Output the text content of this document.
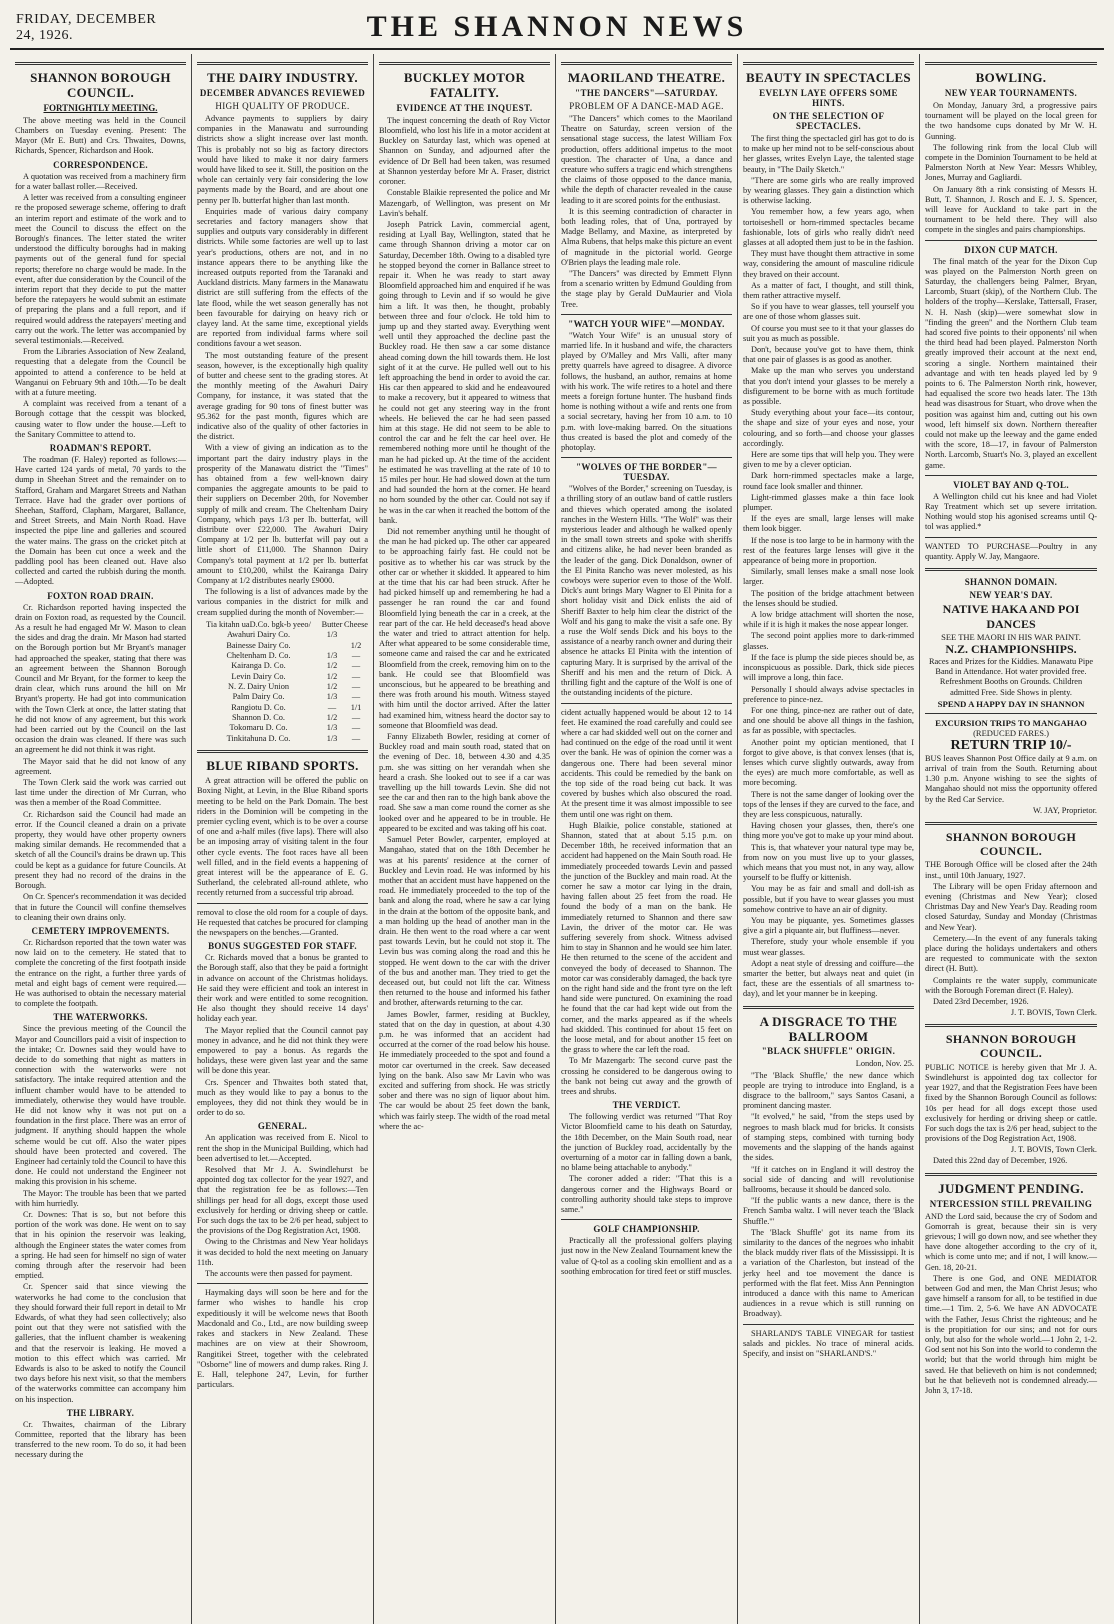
FRIDAY, DECEMBER 24, 1926.	THE SHANNON NEWS
SHANNON BOROUGH COUNCIL.
FORTNIGHTLY MEETING.

The above meeting was held in the Council Chambers on Tuesday evening. Present: The Mayor (Mr E. Butt) and Crs. Thwaites, Downs, Richards, Spencer, Richardson and Hook.

CORRESPONDENCE.

A quotation was received from a machinery firm for a water ballast roller.—Received.

A letter was received from a consulting engineer re the proposed sewerage scheme, offering to draft an interim report and estimate of the work and to meet the Council to discuss the effect on the Borough's finances. The letter stated the writer understood the difficulty boroughs had in making payments out of the general fund for special reports; therefore no charge would be made. In the event, after due consideration by the Council of the interim report that they decide to put the matter before the ratepayers he would submit an estimate of preparing the plans and a full report, and if required would address the ratepayers' meeting and carry out the work. The letter was accompanied by several testimonials.—Received.

From the Libraries Association of New Zealand, requesting that a delegate from the Council be appointed to attend a conference to be held at Wanganui on February 9th and 10th.—To be dealt with at a future meeting.

A complaint was received from a tenant of a Borough cottage that the cesspit was blocked, causing water to flow under the house.—Left to the Sanitary Committee to attend to.

ROADMAN'S REPORT.

The roadman (F. Haley) reported as follows:—Have carted 124 yards of metal, 70 yards to the dump in Sheehan Street and the remainder on to Stafford, Graham and Margaret Streets and Nathan Terrace. Have had the grader over portions of Sheehan, Stafford, Clapham, Margaret, Ballance, and Street Streets, and Main North Road. Have inspected the pipe line and galleries and scoured the water mains. The grass on the cricket pitch at the Domain has been cut once a week and the paddling pool has been cleaned out. Have also collected and carted the rubbish during the month.—Adopted.

FOXTON ROAD DRAIN.

Cr. Richardson reported having inspected the drain on Foxton road, as requested by the Council. As a result he had engaged Mr W. Mason to clean the sides and drag the drain. Mr Mason had started on the Borough portion but Mr Bryant's manager had approached the speaker, stating that there was an agreement between the Shannon Borough Council and Mr Bryant, for the former to keep the drain clear, which runs around the hill on Mr Bryant's property. He had got into communication with the Town Clerk at once, the latter stating that he did not know of any agreement, but this work had been carried out by the Council on the last occasion the drain was cleaned. If there was such an agreement he did not think it was right.

The Mayor said that he did not know of any agreement.

The Town Clerk said the work was carried out last time under the direction of Mr Curran, who was then a member of the Road Committee.

Cr. Richardson said the Council had made an error. If the Council cleaned a drain on a private property, they would have other property owners making similar demands. He recommended that a sketch of all the Council's drains be drawn up. This could be kept as a guidance for future Councils. At present they had no record of the drains in the Borough.

On Cr. Spencer's recommendation it was decided that in future the Council will confine themselves to cleaning their own drains only.

CEMETERY IMPROVEMENTS.

Cr. Richardson reported that the town water was now laid on to the cemetery. He stated that to complete the concreting of the first footpath inside the entrance on the right, a further three yards of metal and eight bags of cement were required.—He was authorised to obtain the necessary material to complete the footpath.

THE WATERWORKS.

Since the previous meeting of the Council the Mayor and Councillors paid a visit of inspection to the intake; Cr. Downes said they would have to decide to do something that night as matters in connection with the waterworks were not satisfactory. The intake required attention and the influent chamber would have to be attended to immediately, otherwise they would have trouble. He did not know why it was not put on a foundation in the first place. There was an error of judgment. If anything should happen the whole scheme would be cut off. Also the water pipes should have been protected and covered. The Engineer had certainly told the Council to have this done. He could not understand the Engineer not making this provision in his scheme.

The Mayor: The trouble has been that we parted with him hurriedly.

Cr. Downes: That is so, but not before this portion of the work was done. He went on to say that in his opinion the reservoir was leaking, although the Engineer states the water comes from a spring. He had seen for himself no sign of water coming through after the reservoir had been emptied.

Cr. Spencer said that since viewing the waterworks he had come to the conclusion that they should forward their full report in detail to Mr Edwards, of what they had seen collectively; also point out that they were not satisfied with the galleries, that the influent chamber is weakening and that the reservoir is leaking. He moved a motion to this effect which was carried. Mr Edwards is also to be asked to notify the Council two days before his next visit, so that the members of the waterworks committee can accompany him on his inspection.

THE LIBRARY.

Cr. Thwaites, chairman of the Library Committee, reported that the library has been transferred to the new room. To do so, it had been necessary during the

THE DAIRY INDUSTRY.
DECEMBER ADVANCES REVIEWED
HIGH QUALITY OF PRODUCE.

Advance payments to suppliers by dairy companies in the Manawatu and surrounding districts show a slight increase over last month. This is probably not so big as factory directors would have liked to make it nor dairy farmers would have liked to see it. Still, the position on the whole can certainly very fair considering the low payments made by the Board, and are about one penny per lb. butterfat higher than last month.

Enquiries made of various dairy company secretaries and factory managers show that supplies and outputs vary considerably in different districts. While some factories are well up to last year's productions, others are not, and in no instance appears there to be anything like the increased outputs reported from the Taranaki and Auckland districts. Many farmers in the Manawatu district are still suffering from the effects of the late flood, while the wet season generally has not been favourable for dairying on heavy rich or clayey land. At the same time, exceptional yields are reported from individual farms where soil conditions favour a wet season.

The most outstanding feature of the present season, however, is the exceptionally high quality of butter and cheese sent to the grading stores. At the monthly meeting of the Awahuri Dairy Company, for instance, it was stated that the average grading for 90 tons of finest butter was 95.362 for the past month, figures which are indicative also of the quality of other factories in the district.

With a view of giving an indication as to the important part the dairy industry plays in the prosperity of the Manawatu district the "Times" has obtained from a few well-known dairy companies the aggregate amounts to be paid to their suppliers on December 20th, for November supply of milk and cream. The Cheltenham Dairy Company, which pays 1/3 per lb. butterfat, will distribute over £22,000. The Awahuri Dairy Company at 1/2 per lb. butterfat will pay out a little short of £11,000. The Shannon Dairy Company's total payment at 1/2 per lb. butterfat amount to £10,200, whilst the Kairanga Dairy Company at 1/2 distributes nearly £9000.

The following is a list of advances made by the various companies in the district for milk and cream supplied during the month of November:—

Tia kitahn uaD.Co. bgk-b yeeo/	Butter Cheese
Awahuri Dairy Co.	1/3
Bainesse Dairy Co.	1/2
Cheltenham D. Co.	1/3	—
Kairanga D. Co.	1/2	—
Levin Dairy Co.	1/2	—
N. Z. Dairy Union	1/2	—
Palm Dairy Co.	1/3	—
Rangiotu D. Co.	—	1/1
Shannon D. Co.	1/2	—
Tokomaru D. Co.	1/3	—
Tinkitahuna D. Co.	1/3	—
BLUE RIBAND SPORTS.

A great attraction will be offered the public on Boxing Night, at Levin, in the Blue Riband sports meeting to be held on the Park Domain. The best riders in the Dominion will be competing in the premier cycling event, which is to be over a course of one and a-half miles (five laps). There will also be an imposing array of visiting talent in the four other cycle events. The foot races have all been well filled, and in the field events a happening of great interest will be the appearance of E. G. Sutherland, the celebrated all-round athlete, who recently returned from a successful trip abroad.

removal to close the old room for a couple of days. He requested that catches be procured for clamping the newspapers on the benches.—Granted.

BONUS SUGGESTED FOR STAFF.

Cr. Richards moved that a bonus be granted to the Borough staff, also that they be paid a fortnight in advance on account of the Christmas holidays. He said they were efficient and took an interest in their work and were entitled to some recognition. He also thought they should receive 14 days' holiday each year.

The Mayor replied that the Council cannot pay money in advance, and he did not think they were empowered to pay a bonus. As regards the holidays, these were given last year and the same will be done this year.

Crs. Spencer and Thwaites both stated that, much as they would like to pay a bonus to the employees, they did not think they would be in order to do so.

GENERAL.

An application was received from E. Nicol to rent the shop in the Municipal Building, which had been advertised to let.—Accepted.

Resolved that Mr J. A. Swindlehurst be appointed dog tax collector for the year 1927, and that the registration fee be as follows:—Ten shillings per head for all dogs, except those used exclusively for herding or driving sheep or cattle. For such dogs the tax to be 2/6 per head, subject to the provisions of the Dog Registration Act, 1908.

Owing to the Christmas and New Year holidays it was decided to hold the next meeting on January 11th.

The accounts were then passed for payment.

Haymaking days will soon be here and for the farmer who wishes to handle his crop expeditiously it will be welcome news that Booth Macdonald and Co., Ltd., are now building sweep rakes and stackers in New Zealand. These machines are on view at their Showroom, Rangitikei Street, together with the celebrated "Osborne" line of mowers and dump rakes. Ring J. E. Hall, telephone 247, Levin, for further particulars.

BUCKLEY MOTOR FATALITY.
EVIDENCE AT THE INQUEST.

The inquest concerning the death of Roy Victor Bloomfield, who lost his life in a motor accident at Buckley on Saturday last, which was opened at Shannon on Sunday, and adjourned after the evidence of Dr Bell had been taken, was resumed at Shannon yesterday before Mr A. Fraser, district coroner.

Constable Blaikie represented the police and Mr Mazengarb, of Wellington, was present on Mr Lavin's behalf.

Joseph Patrick Lavin, commercial agent, residing at Lyall Bay, Wellington, stated that he came through Shannon driving a motor car on Saturday, December 18th. Owing to a disabled tyre he stopped beyond the corner in Ballance street to repair it. When he was ready to start away Bloomfield approached him and enquired if he was going through to Levin and if so would he give him a lift. It was then, he thought, probably between three and four o'clock. He told him to jump up and they started away. Everything went well until they approached the decline past the Buckley road. He then saw a car some distance ahead coming down the hill towards them. He lost sight of it at the curve. He pulled well out to his left approaching the bend in order to avoid the car. His car then appeared to skid and he endeavoured to make a recovery, but it appeared to witness that he could not get any steering way in the front wheels. He believed the car he had seen passed him at this stage. He did not seem to be able to control the car and he felt the car heel over. He remembered nothing more until he thought of the man he had picked up. At the time of the accident he estimated he was travelling at the rate of 10 to 15 miles per hour. He had slowed down at the turn and had sounded the horn at the corner. He heard no horn sounded by the other car. Could not say if he was in the car when it reached the bottom of the bank.

Did not remember anything until he thought of the man he had picked up. The other car appeared to be approaching fairly fast. He could not be positive as to whether his car was struck by the other car or whether it skidded. It appeared to him at the time that his car had been struck. After he had picked himself up and remembering he had a passenger he ran round the car and found Bloomfield lying beneath the car in a creek, at the rear part of the car. He held deceased's head above the water and tried to attract attention for help. After what appeared to be some considerable time, someone came and raised the car and he extricated Bloomfield from the creek, removing him on to the bank. He could see that Bloomfield was unconscious, but he appeared to be breathing and there was froth around his mouth. Witness stayed with him until the doctor arrived. After the latter had examined him, witness heard the doctor say to someone that Bloomfield was dead.

Fanny Elizabeth Bowler, residing at corner of Buckley road and main south road, stated that on the evening of Dec. 18, between 4.30 and 4.35 p.m. she was sitting on her verandah when she heard a crash. She looked out to see if a car was travelling up the hill towards Levin. She did not see the car and then ran to the high bank above the road. She saw a man come round the corner as she looked over and he appeared to be in trouble. He appeared to be excited and was taking off his coat.

Samuel Peter Bowler, carpenter, employed at Mangahao, stated that on the 18th December he was at his parents' residence at the corner of Buckley and Levin road. He was informed by his mother that an accident must have happened on the road. He immediately proceeded to the top of the bank and along the road, where he saw a car lying in the drain at the bottom of the opposite bank, and a man holding up the head of another man in the drain. He then went to the road where a car went past towards Levin, but he could not stop it. The Levin bus was coming along the road and this he stopped. He went down to the car with the driver of the bus and another man. They tried to get the deceased out, but could not lift the car. Witness then returned to the house and informed his father and brother, afterwards returning to the car.

James Bowler, farmer, residing at Buckley, stated that on the day in question, at about 4.30 p.m. he was informed that an accident had occurred at the corner of the road below his house. He immediately proceeded to the spot and found a motor car overturned in the creek. Saw deceased lying on the bank. Also saw Mr Lavin who was excited and suffering from shock. He was strictly sober and there was no sign of liquor about him. The car would be about 25 feet down the bank, which was fairly steep. The width of the road metal where the ac-

MAORILAND THEATRE.
"THE DANCERS"—SATURDAY.
PROBLEM OF A DANCE-MAD AGE.

"The Dancers" which comes to the Maoriland Theatre on Saturday, screen version of the sensational stage success, the latest William Fox production, offers additional impetus to the moot question. The character of Una, a dance and creature who suffers a tragic end which strengthens the claims of those opposed to the dance mania, while the depth of character revealed in the cause leading to it are scored points for the enthusiast.

It is this seeming contradiction of character in both leading roles, that of Una, portrayed by Madge Bellamy, and Maxine, as interpreted by Alma Rubens, that helps make this picture an event of magnitude in the pictorial world. George O'Brien plays the leading male role.

"The Dancers" was directed by Emmett Flynn from a scenario written by Edmund Goulding from the stage play by Gerald DuMaurier and Viola Tree.

"WATCH YOUR WIFE"—MONDAY.

"Watch Your Wife" is an unusual story of married life. In it husband and wife, the characters played by O'Malley and Mrs Valli, after many pretty quarrels have agreed to disagree. A divorce follows, the husband, an author, remains at home with his work. The wife retires to a hotel and there meets a foreign fortune hunter. The husband finds home is nothing without a wife and rents one from a social secretary, having her from 10 a.m. to 10 p.m. with love-making barred. On the situations thus created is based the plot and comedy of the photoplay.

"WOLVES OF THE BORDER"—TUESDAY.

"Wolves of the Border," screening on Tuesday, is a thrilling story of an outlaw band of cattle rustlers and thieves which operated among the isolated ranches in the Western Hills. "The Wolf" was their mysterious leader and although he walked openly in the small town streets and spoke with sheriffs and citizens alike, he had never been branded as the leader of the gang. Dick Donaldson, owner of the El Pinita Rancho was never molested, as his cowboys were superior even to those of the Wolf. Dick's aunt brings Mary Wagner to El Pinita for a short holiday visit and Dick enlists the aid of Sheriff Baxter to help him clear the district of the Wolf and his gang to make the visit a safe one. By a ruse the Wolf sends Dick and his boys to the assistance of a nearby ranch owner and during their absence he attacks El Pinita with the intention of capturing Mary. It is surprised by the arrival of the Sheriff and his men and the return of Dick. A thrilling fight and the capture of the Wolf is one of the outstanding incidents of the picture.

cident actually happened would be about 12 to 14 feet. He examined the road carefully and could see where a car had skidded well out on the corner and had continued on the edge of the road until it went over the bank. He was of opinion the corner was a dangerous one. There had been several minor accidents. This could be remedied by the bank on the top side of the road being cut back. It was covered by bushes which also obscured the road. At the present time it was almost impossible to see them until one was right on them.

Hugh Blaikie, police constable, stationed at Shannon, stated that at about 5.15 p.m. on December 18th, he received information that an accident had happened on the Main South road. He immediately proceeded towards Levin and passed the junction of the Buckley and main road. At the corner he saw a motor car lying in the drain, having fallen about 25 feet from the road. He found the body of a man on the bank. He immediately returned to Shannon and there saw Lavin, the driver of the motor car. He was suffering severely from shock. Witness advised him to stay in Shannon and he would see him later. He then returned to the scene of the accident and conveyed the body of deceased to Shannon. The motor car was considerably damaged, the back tyre on the right hand side and the front tyre on the left hand side were punctured. On examining the road he found that the car had kept wide out from the corner, and the marks appeared as if the wheels had skidded. This continued for about 15 feet on the loose metal, and for about another 15 feet on the grass to where the car left the road.

To Mr Mazengarb: The second curve past the crossing he considered to be dangerous owing to the bank not being cut away and the growth of trees and shrubs.

THE VERDICT.

The following verdict was returned "That Roy Victor Bloomfield came to his death on Saturday, the 18th December, on the Main South road, near the junction of Buckley road, accidentally by the overturning of a motor car in falling down a bank, no blame being attachable to anybody."

The coroner added a rider: "That this is a dangerous corner and the Highways Board or controlling authority should take steps to improve same."

GOLF CHAMPIONSHIP.

Practically all the professional golfers playing just now in the New Zealand Tournament knew the value of Q-tol as a cooling skin emollient and as a soothing embrocation for tired feet or stiff muscles.

BEAUTY IN SPECTACLES
EVELYN LAYE OFFERS SOME HINTS.
ON THE SELECTION OF SPECTACLES.

The first thing the spectacled girl has got to do is to make up her mind not to be self-conscious about her glasses, writes Evelyn Laye, the talented stage beauty, in "The Daily Sketch."

"There are some girls who are really improved by wearing glasses. They gain a distinction which is otherwise lacking.

You remember how, a few years ago, when tortoiseshell or horn-rimmed spectacles became fashionable, lots of girls who really didn't need glasses at all adopted them just to be in the fashion.

They must have thought them attractive in some way, considering the amount of masculine ridicule they braved on their account.

As a matter of fact, I thought, and still think, them rather attractive myself.

So if you have to wear glasses, tell yourself you are one of those whom glasses suit.

Of course you must see to it that your glasses do suit you as much as possible.

Don't, because you've got to have them, think that one pair of glasses is as good as another.

Make up the man who serves you understand that you don't intend your glasses to be merely a disfigurement to be borne with as much fortitude as possible.

Study everything about your face—its contour, the shape and size of your eyes and nose, your colouring, and so forth—and choose your glasses accordingly.

Here are some tips that will help you. They were given to me by a clever optician.

Dark horn-rimmed spectacles make a large, round face look smaller and thinner.

Light-rimmed glasses make a thin face look plumper.

If the eyes are small, large lenses will make them look bigger.

If the nose is too large to be in harmony with the rest of the features large lenses will give it the appearance of being more in proportion.

Similarly, small lenses make a small nose look larger.

The position of the bridge attachment between the lenses should be studied.

A low bridge attachment will shorten the nose, while if it is high it makes the nose appear longer.

The second point applies more to dark-rimmed glasses.

If the face is plump the side pieces should be, as inconspicuous as possible. Dark, thick side pieces will improve a long, thin face.

Personally I should always advise spectacles in preference to pince-nez.

For one thing, pince-nez are rather out of date, and one should be above all things in the fashion, as far as possible, with spectacles.

Another point my optician mentioned, that I forgot to give above, is that convex lenses (that is, lenses which curve slightly outwards, away from the eyes) are much more comfortable, as well as more becoming.

There is not the same danger of looking over the tops of the lenses if they are curved to the face, and they are less conspicuous, naturally.

Having chosen your glasses, then, there's one thing more you've got to make up your mind about.

This is, that whatever your natural type may be, from now on you must live up to your glasses, which means that you must not, in any way, allow yourself to be fluffy or kittenish.

You may be as fair and small and doll-ish as possible, but if you have to wear glasses you must somehow contrive to have an air of dignity.

You may be piquante, yes. Sometimes glasses give a girl a piquante air, but fluffiness—never.

Therefore, study your whole ensemble if you must wear glasses.

Adopt a neat style of dressing and coiffure—the smarter the better, but always neat and quiet (in fact, these are the essentials of all smartness to-day), and let your manner be in keeping.

A DISGRACE TO THE BALLROOM
"BLACK SHUFFLE" ORIGIN.

London, Nov. 25.

"The 'Black Shuffle,' the new dance which people are trying to introduce into England, is a disgrace to the ballroom," says Santos Casani, a prominent dancing master.

"It evolved," he said, "from the steps used by negroes to mash black mud for bricks. It consists of stamping steps, combined with turning body movements and the slapping of the hands against the sides.

"If it catches on in England it will destroy the social side of dancing and will revolutionise ballrooms, because it should be danced solo.

"If the public wants a new dance, there is the French Samba waltz. I will never teach the 'Black Shuffle.'"

The 'Black Shuffle' got its name from its similarity to the dances of the negroes who inhabit the black muddy river flats of the Mississippi. It is a variation of the Charleston, but instead of the jerky heel and toe movement the dance is performed with the flat feet. Miss Ann Pennington introduced a dance with this name to American audiences in a revue which is still running on Broadway).

SHARLAND'S TABLE VINEGAR for tastiest salads and pickles. No trace of mineral acids. Specify, and insist on "SHARLAND'S."

BOWLING.
NEW YEAR TOURNAMENTS.

On Monday, January 3rd, a progressive pairs tournament will be played on the local green for the two handsome cups donated by Mr W. H. Gunning.

The following rink from the local Club will compete in the Dominion Tournament to be held at Palmerston North at New Year: Messrs Whibley, Jones, Murray and Gagliardi.

On January 8th a rink consisting of Messrs H. Butt, T. Shannon, J. Rosch and E. J. S. Spencer, will leave for Auckland to take part in the tournament to be held there. They will also compete in the singles and pairs championships.

DIXON CUP MATCH.

The final match of the year for the Dixon Cup was played on the Palmerston North green on Saturday, the challengers being Palmer, Bryan, Larcomb, Stuart (skip), of the Northern Club. The holders of the trophy—Kerslake, Tattersall, Fraser, N. H. Nash (skip)—were somewhat slow in "finding the green" and the Northern Club team had scored five points to their opponents' nil when the third head had been played. Palmerston North greatly improved their account at the next end, scoring a single. Northern maintained their advantage and with ten heads played led by 9 points to 6. The Palmerston North rink, however, had equalised the score two heads later. The 13th head was disastrous for Stuart, who drove when the position was against him and, cutting out his own wood, left himself six down. Northern thereafter could not make up the leeway and the game ended with the score, 18—17, in favour of Palmerston North. Larcomb, Stuart's No. 3, played an excellent game.

VIOLET BAY AND Q-TOL.

A Wellington child cut his knee and had Violet Ray Treatment which set up severe irritation. Nothing would stop his agonised screams until Q-tol was applied.*

WANTED TO PURCHASE—Poultry in any quantity. Apply W. Jay, Mangaore.

SHANNON DOMAIN.
NEW YEAR'S DAY.
NATIVE HAKA AND POI DANCES
SEE THE MAORI IN HIS WAR PAINT.
N.Z. CHAMPIONSHIPS.

Races and Prizes for the Kiddies. Manawatu Pipe Band in Attendance. Hot water provided free. Refreshment Booths on Grounds. Children admitted Free. Side Shows in plenty.

SPEND A HAPPY DAY IN SHANNON
EXCURSION TRIPS TO MANGAHAO
(REDUCED FARES.)
RETURN TRIP 10/-

BUS leaves Shannon Post Office daily at 9 a.m. on arrival of train from the South. Returning about 1.30 p.m. Anyone wishing to see the sights of Mangahao should not miss the opportunity offered by the Red Car Service.

W. JAY, Proprietor.
SHANNON BOROUGH COUNCIL.

THE Borough Office will be closed after the 24th inst., until 10th January, 1927.

The Library will be open Friday afternoon and evening (Christmas and New Year); closed Christmas Day and New Year's Day. Reading room closed Saturday, Sunday and Monday (Christmas and New Year).

Cemetery.—In the event of any funerals taking place during the holidays undertakers and others are requested to communicate with the sexton direct (H. Butt).

Complaints re the water supply, communicate with the Borough Foreman direct (F. Haley).

Dated 23rd December, 1926.

J. T. BOVIS, Town Clerk.
SHANNON BOROUGH COUNCIL.

PUBLIC NOTICE is hereby given that Mr J. A. Swindlehurst is appointed dog tax collector for year 1927, and that the Registration Fees have been fixed by the Shannon Borough Council as follows: 10s per head for all dogs except those used exclusively for herding or driving sheep or cattle. For such dogs the tax is 2/6 per head, subject to the provisions of the Dog Registration Act, 1908.

J. T. BOVIS, Town Clerk.

Dated this 22nd day of December, 1926.

JUDGMENT PENDING.
NTERCESSION STILL PREVAILING

AND the Lord said, because the cry of Sodom and Gomorrah is great, because their sin is very grievous; I will go down now, and see whether they have done altogether according to the cry of it, which is come unto me; and if not, I will know.—Gen. 18, 20-21.

There is one God, and ONE MEDIATOR between God and men, the Man Christ Jesus; who gave himself a ransom for all, to be testified in due time.—1 Tim. 2, 5-6. We have AN ADVOCATE with the Father, Jesus Christ the righteous; and he is the propitiation for our sins; and not for ours only, but also for the whole world.—1 John 2, 1-2. God sent not his Son into the world to condemn the world; but that the world through him might be saved. He that believeth on him is not condemned; but he that believeth not is condemned already.—John 3, 17-18.
